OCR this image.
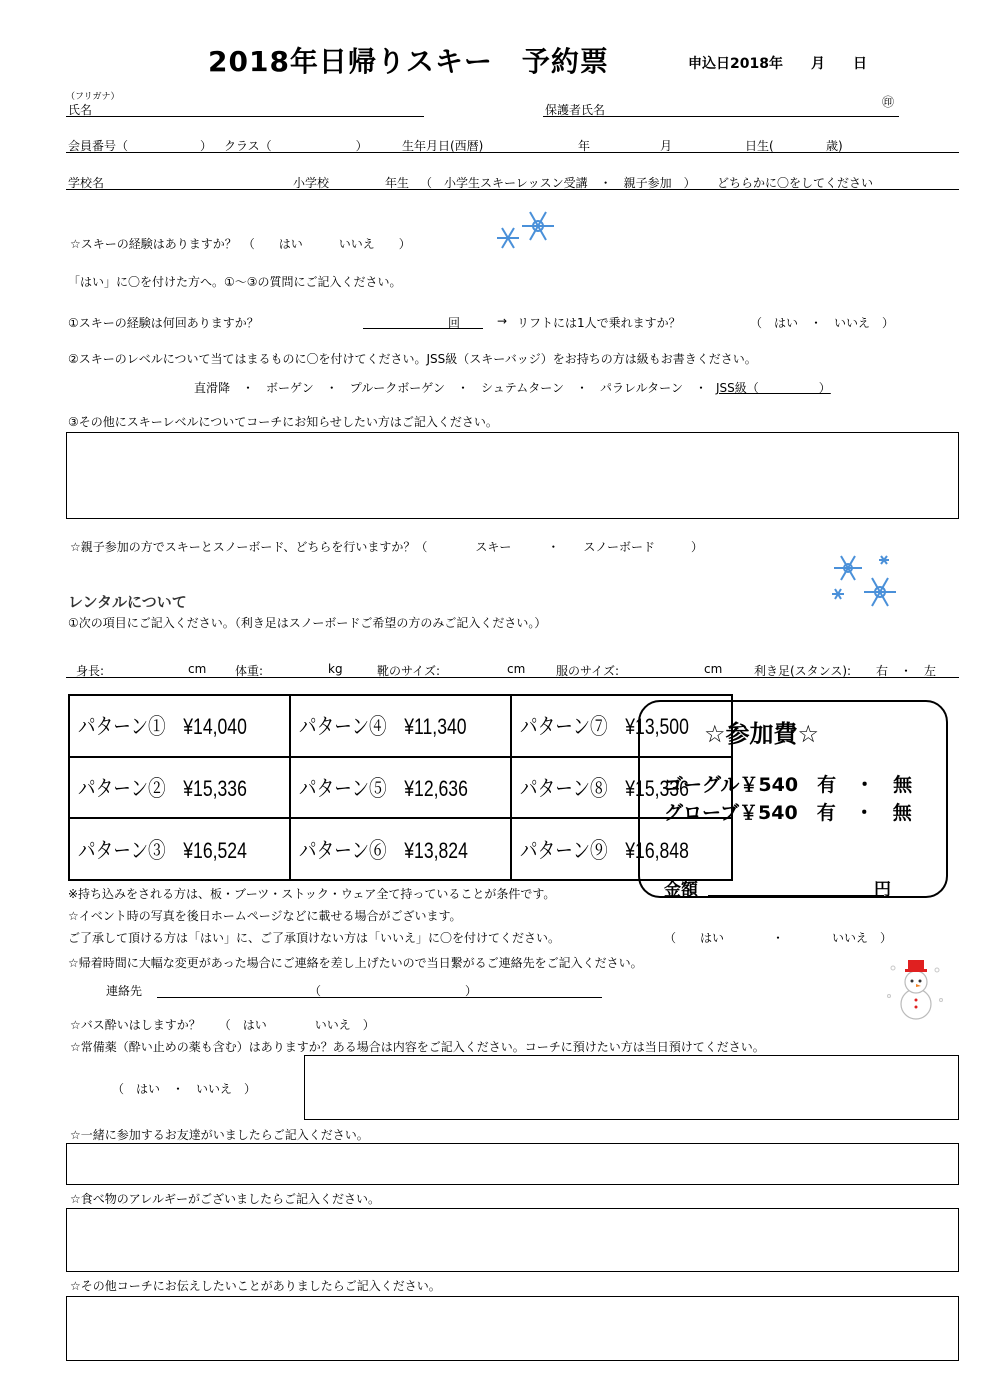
2018年日帰りスキー　予約票	申込日2018年　　月　　日
（フリガナ）
氏名	保護者氏名
㊞
会員番号（　　　　　　） クラス（　　　　　　　）	生年月日(西暦)	年	月	日生(	歳)
学校名	小学校	年生 （　小学生スキーレッスン受講　・　親子参加　） どちらかに〇をしてください
☆スキーの経験はありますか？　（　　はい　　　いいえ　　）
「はい」に〇を付けた方へ。①～③の質問にご記入ください。
①スキーの経験は何回ありますか？	回	→ リフトには1人で乗れますか？	（　はい　・　いいえ　）
②スキーのレベルについて当てはまるものに〇を付けてください。JSS級（スキーバッジ）をお持ちの方は級もお書きください。
直滑降　・　ボーゲン　・　プルークボーゲン　・　シュテムターン　・　パラレルターン　・ JSS級（　　　　　）
③その他にスキーレベルについてコーチにお知らせしたい方はご記入ください。
☆親子参加の方でスキーとスノーボード、どちらを行いますか？（　　　　スキー　　　・　　スノーボード　　　）
レンタルについて
①次の項目にご記入ください。（利き足はスノーボードご希望の方のみご記入ください。）
身長:	cm 体重:	kg	靴のサイズ:	cm	服のサイズ:	cm	利き足(スタンス): 右　・　左
パターン①　¥14,040	パターン④　¥11,340	パターン⑦　¥13,500
パターン②　¥15,336	パターン⑤　¥12,636	パターン⑧　¥15,336
パターン③　¥16,524	パターン⑥　¥13,824	パターン⑨　¥16,848
☆参加費☆
ゴーグル￥540　有　・　無
グローブ￥540　有　・　無
金額	円
※持ち込みをされる方は、板・ブーツ・ストック・ウェア全て持っていることが条件です。
☆イベント時の写真を後日ホームページなどに載せる場合がございます。
ご了承して頂ける方は「はい」に、ご了承頂けない方は「いいえ」に〇を付けてください。	（　　はい　　　　・　　　　いいえ　）
☆帰着時間に大幅な変更があった場合にご連絡を差し上げたいので当日繋がるご連絡先をご記入ください。
連絡先	（　　　　　　　　　　　　）
☆バス酔いはしますか？　　（　はい　　　　いいえ　）
☆常備薬（酔い止めの薬も含む）はありますか？ある場合は内容をご記入ください。コーチに預けたい方は当日預けてください。
（　はい　・　いいえ　）
☆一緒に参加するお友達がいましたらご記入ください。
☆食べ物のアレルギーがございましたらご記入ください。
☆その他コーチにお伝えしたいことがありましたらご記入ください。
